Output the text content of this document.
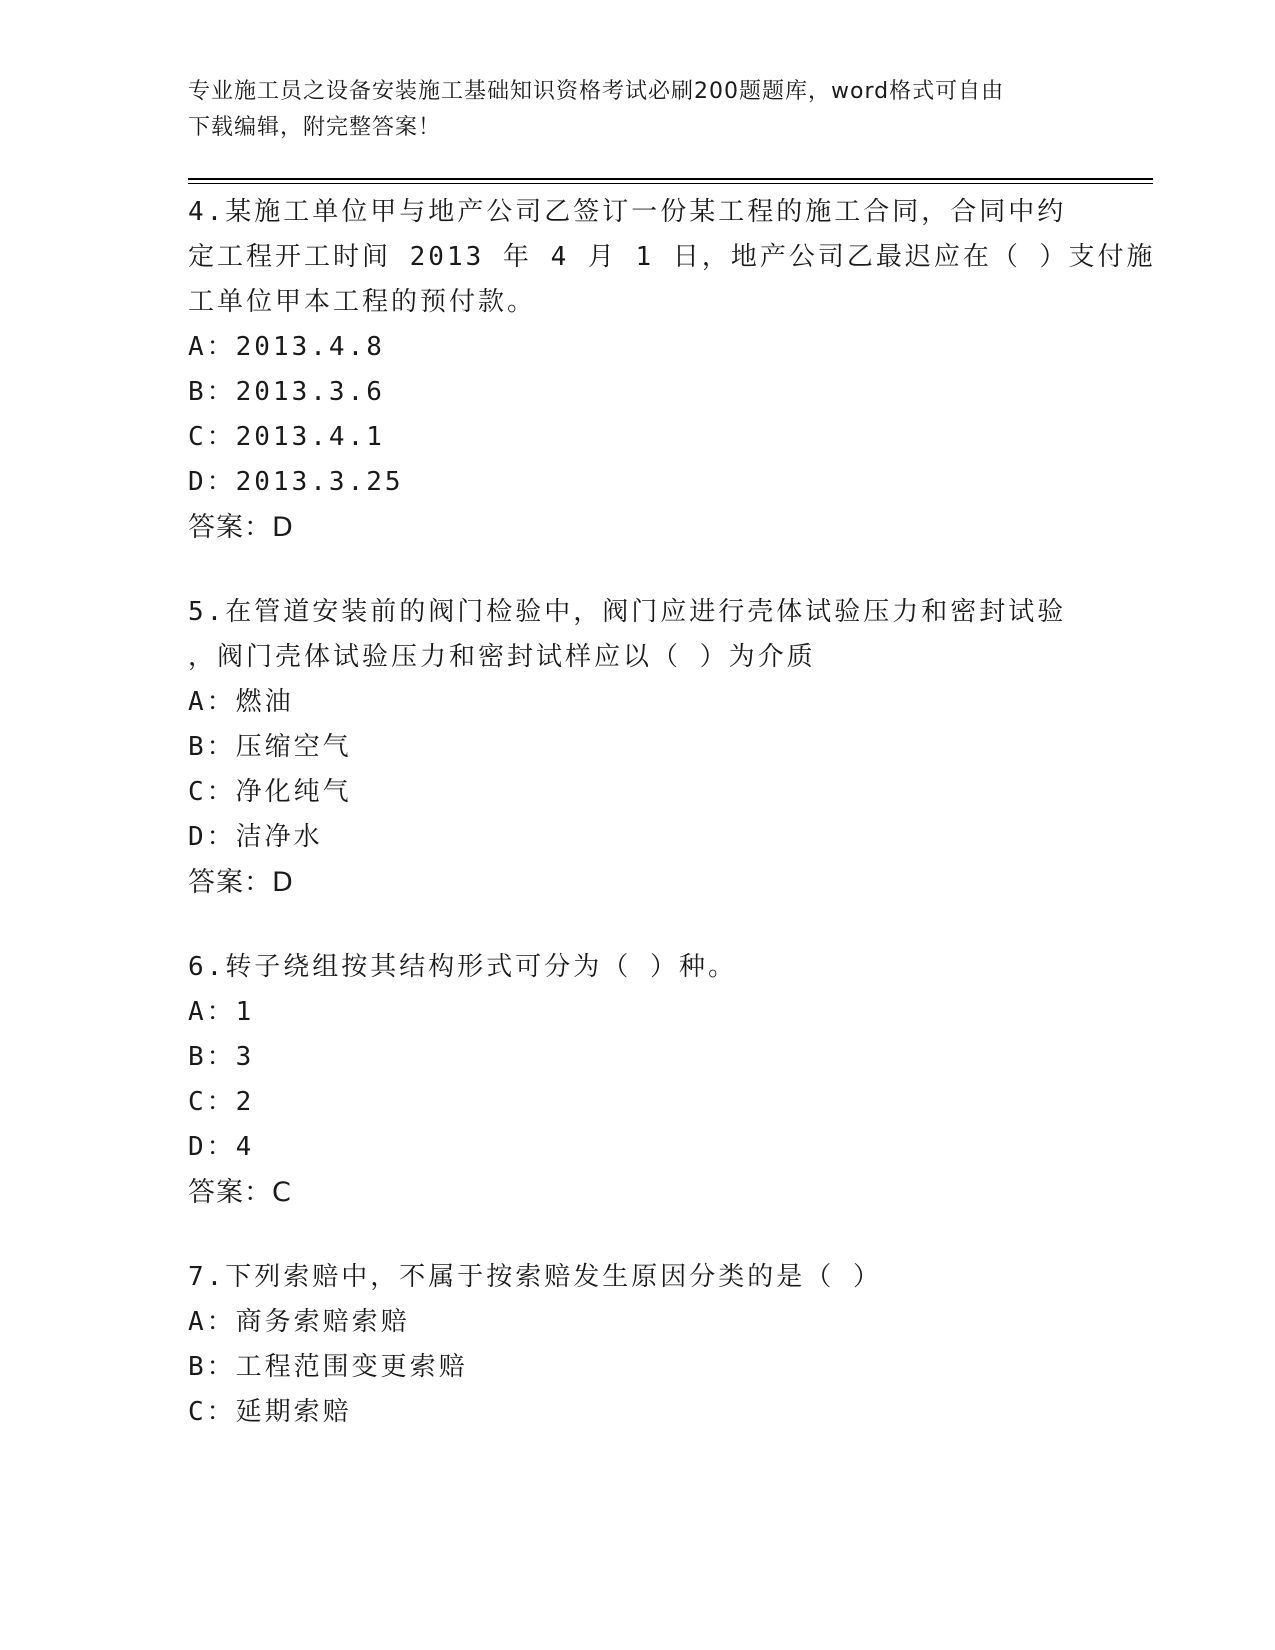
专业施工员之设备安装施工基础知识资格考试必刷200题题库，word格式可自由
下载编辑，附完整答案！
4.某施工单位甲与地产公司乙签订一份某工程的施工合同，合同中约
定工程开工时间 2013 年 4 月 1 日，地产公司乙最迟应在（ ）支付施
工单位甲本工程的预付款。
A：2013.4.8
B：2013.3.6
C：2013.4.1
D：2013.3.25
答案：D
5.在管道安装前的阀门检验中，阀门应进行壳体试验压力和密封试验
，阀门壳体试验压力和密封试样应以（ ）为介质
A：燃油
B：压缩空气
C：净化纯气
D：洁净水
答案：D
6.转子绕组按其结构形式可分为（ ）种。
A：1
B：3
C：2
D：4
答案：C
7.下列索赔中，不属于按索赔发生原因分类的是（ ）
A：商务索赔索赔
B：工程范围变更索赔
C：延期索赔
